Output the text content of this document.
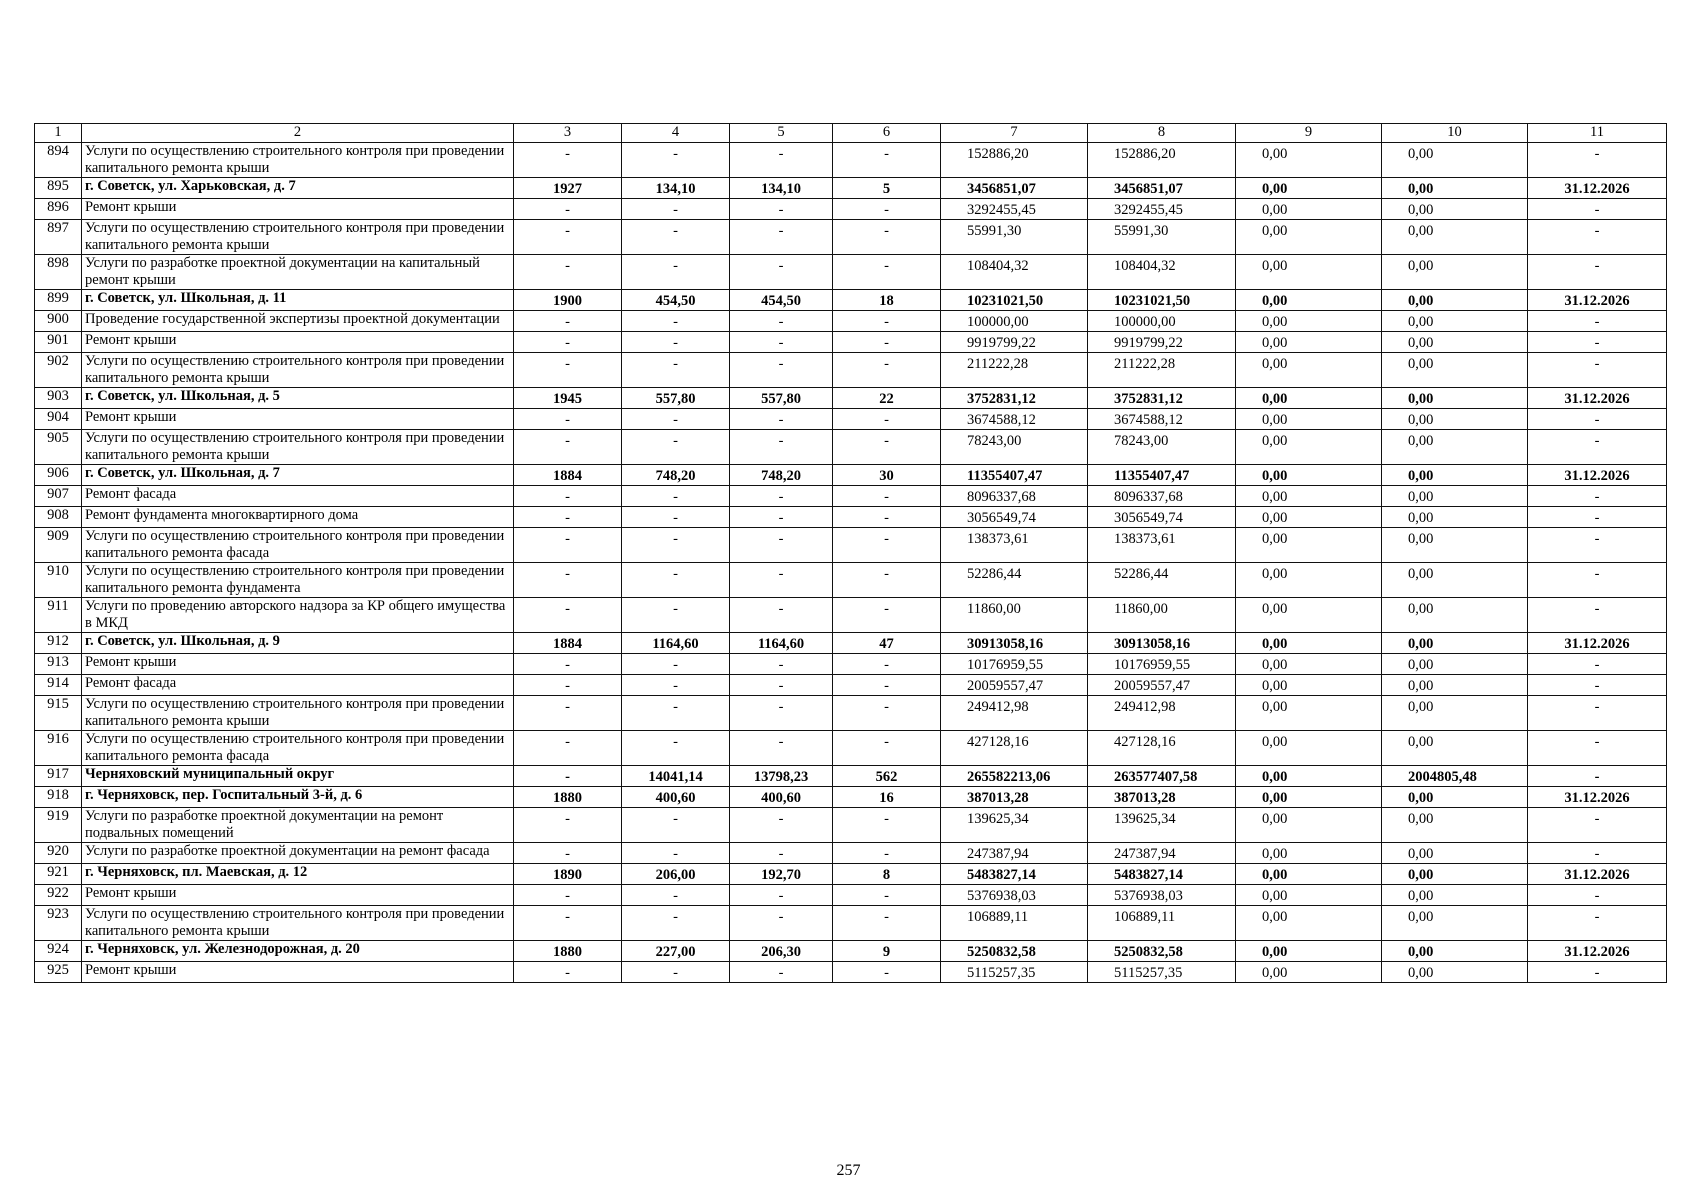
1	2	3	4	5	6	7	8	9	10	11
894	Услуги по осуществлению строительного контроля при проведении капитального ремонта крыши	-	-	-	-	152886,20	152886,20	0,00	0,00	-
895	г. Советск, ул. Харьковская, д. 7	1927	134,10	134,10	5	3456851,07	3456851,07	0,00	0,00	31.12.2026
896	Ремонт крыши	-	-	-	-	3292455,45	3292455,45	0,00	0,00	-
897	Услуги по осуществлению строительного контроля при проведении капитального ремонта крыши	-	-	-	-	55991,30	55991,30	0,00	0,00	-
898	Услуги по разработке проектной документации на капитальный ремонт крыши	-	-	-	-	108404,32	108404,32	0,00	0,00	-
899	г. Советск, ул. Школьная, д. 11	1900	454,50	454,50	18	10231021,50	10231021,50	0,00	0,00	31.12.2026
900	Проведение государственной экспертизы проектной документации	-	-	-	-	100000,00	100000,00	0,00	0,00	-
901	Ремонт крыши	-	-	-	-	9919799,22	9919799,22	0,00	0,00	-
902	Услуги по осуществлению строительного контроля при проведении капитального ремонта крыши	-	-	-	-	211222,28	211222,28	0,00	0,00	-
903	г. Советск, ул. Школьная, д. 5	1945	557,80	557,80	22	3752831,12	3752831,12	0,00	0,00	31.12.2026
904	Ремонт крыши	-	-	-	-	3674588,12	3674588,12	0,00	0,00	-
905	Услуги по осуществлению строительного контроля при проведении капитального ремонта крыши	-	-	-	-	78243,00	78243,00	0,00	0,00	-
906	г. Советск, ул. Школьная, д. 7	1884	748,20	748,20	30	11355407,47	11355407,47	0,00	0,00	31.12.2026
907	Ремонт фасада	-	-	-	-	8096337,68	8096337,68	0,00	0,00	-
908	Ремонт фундамента многоквартирного дома	-	-	-	-	3056549,74	3056549,74	0,00	0,00	-
909	Услуги по осуществлению строительного контроля при проведении капитального ремонта фасада	-	-	-	-	138373,61	138373,61	0,00	0,00	-
910	Услуги по осуществлению строительного контроля при проведении капитального ремонта фундамента	-	-	-	-	52286,44	52286,44	0,00	0,00	-
911	Услуги по проведению авторского надзора за КР общего имущества в МКД	-	-	-	-	11860,00	11860,00	0,00	0,00	-
912	г. Советск, ул. Школьная, д. 9	1884	1164,60	1164,60	47	30913058,16	30913058,16	0,00	0,00	31.12.2026
913	Ремонт крыши	-	-	-	-	10176959,55	10176959,55	0,00	0,00	-
914	Ремонт фасада	-	-	-	-	20059557,47	20059557,47	0,00	0,00	-
915	Услуги по осуществлению строительного контроля при проведении капитального ремонта крыши	-	-	-	-	249412,98	249412,98	0,00	0,00	-
916	Услуги по осуществлению строительного контроля при проведении капитального ремонта фасада	-	-	-	-	427128,16	427128,16	0,00	0,00	-
917	Черняховский муниципальный округ	-	14041,14	13798,23	562	265582213,06	263577407,58	0,00	2004805,48	-
918	г. Черняховск, пер. Госпитальный 3-й, д. 6	1880	400,60	400,60	16	387013,28	387013,28	0,00	0,00	31.12.2026
919	Услуги по разработке проектной документации на ремонт подвальных помещений	-	-	-	-	139625,34	139625,34	0,00	0,00	-
920	Услуги по разработке проектной документации на ремонт фасада	-	-	-	-	247387,94	247387,94	0,00	0,00	-
921	г. Черняховск, пл. Маевская, д. 12	1890	206,00	192,70	8	5483827,14	5483827,14	0,00	0,00	31.12.2026
922	Ремонт крыши	-	-	-	-	5376938,03	5376938,03	0,00	0,00	-
923	Услуги по осуществлению строительного контроля при проведении капитального ремонта крыши	-	-	-	-	106889,11	106889,11	0,00	0,00	-
924	г. Черняховск, ул. Железнодорожная, д. 20	1880	227,00	206,30	9	5250832,58	5250832,58	0,00	0,00	31.12.2026
925	Ремонт крыши	-	-	-	-	5115257,35	5115257,35	0,00	0,00	-
257
